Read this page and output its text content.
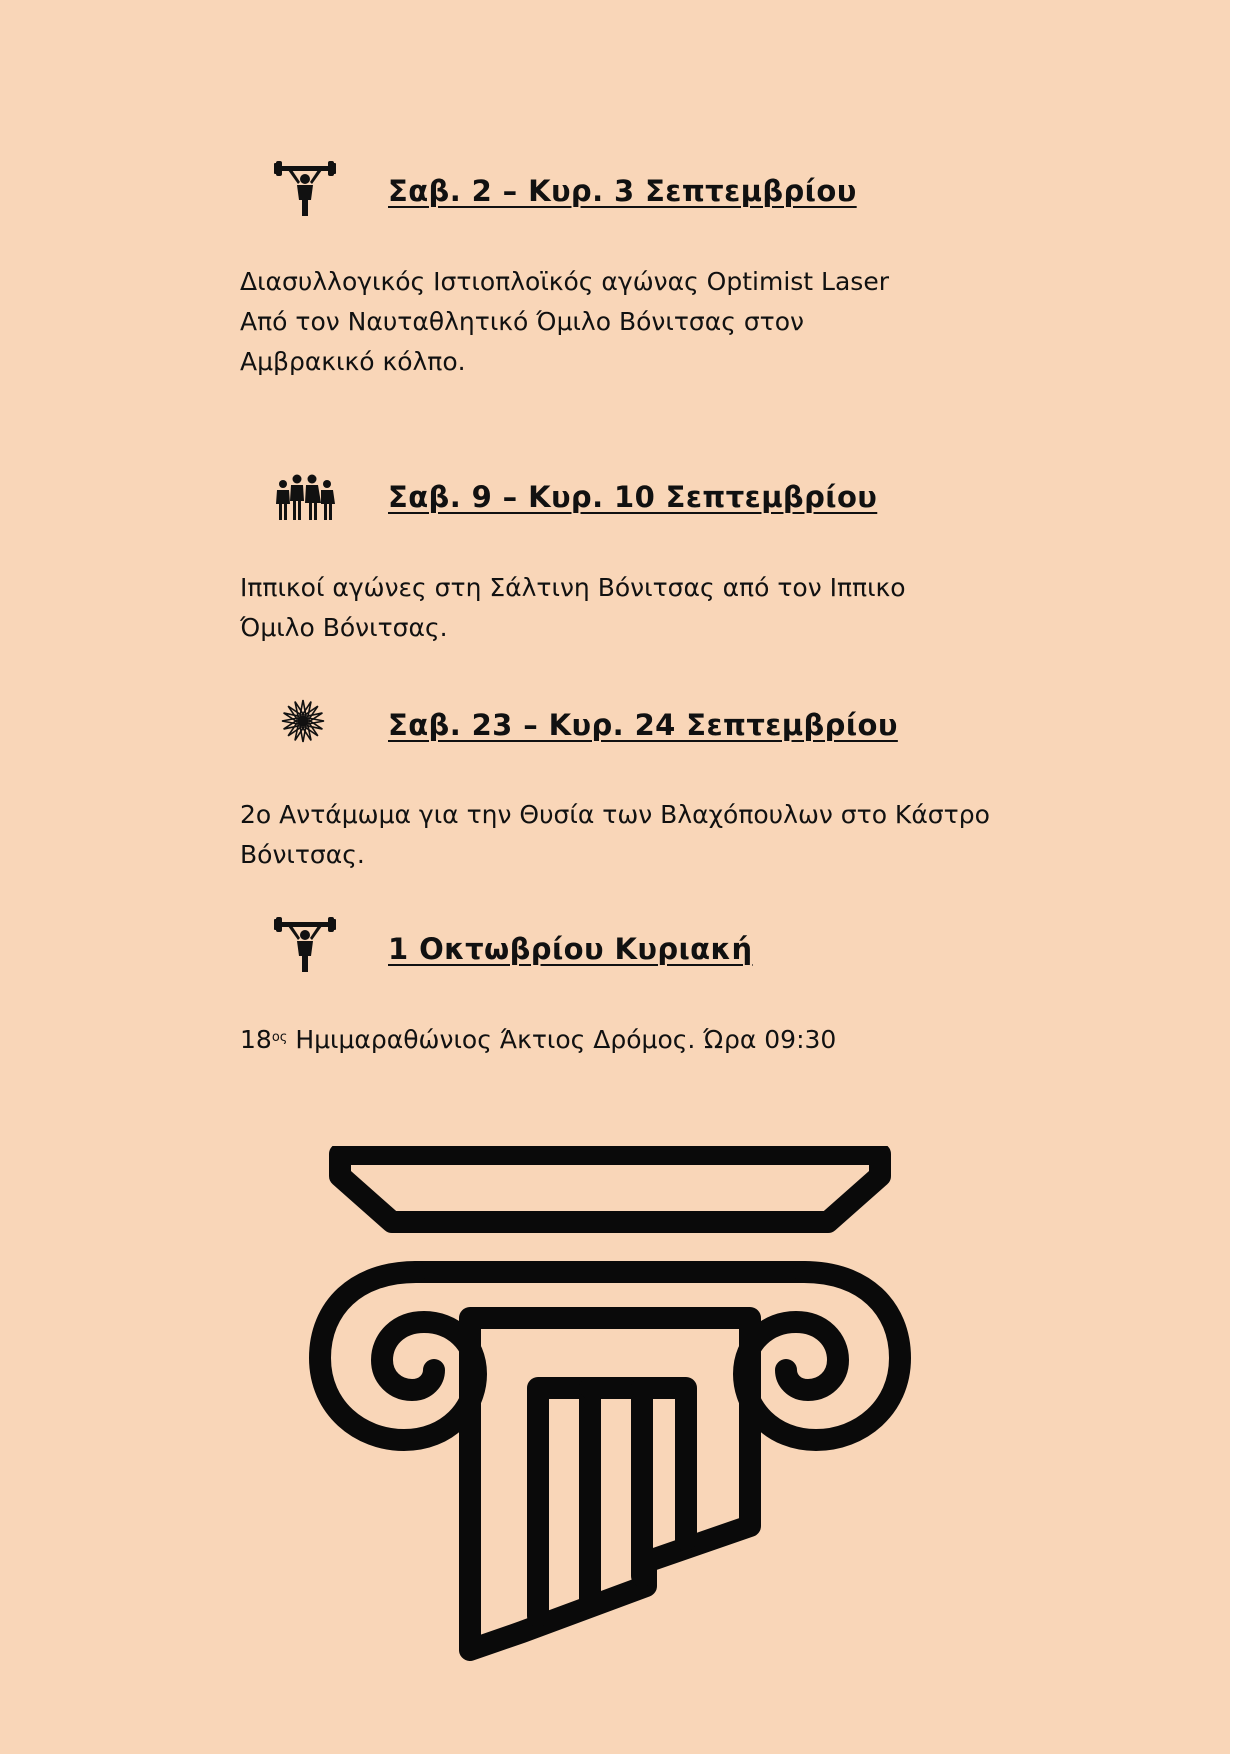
Σαβ. 2 – Κυρ. 3 Σεπτεμβρίου
Διασυλλογικός Ιστιοπλοϊκός αγώνας Optimist Laser
Από τον Ναυταθλητικό Όμιλο Βόνιτσας στον
Αμβρακικό κόλπο.
Σαβ. 9 – Κυρ. 10 Σεπτεμβρίου
Ιππικοί αγώνες στη Σάλτινη Βόνιτσας από τον Ιππικο
Όμιλο Βόνιτσας.
Σαβ. 23 – Κυρ. 24 Σεπτεμβρίου
2ο Αντάμωμα για την Θυσία των Βλαχόπουλων στο Κάστρο
Βόνιτσας.
1 Οκτωβρίου Κυριακή
$18^{o\varsigma}$ Ημιμαραθώνιος Άκτιος Δρόμος. Ώρα 09:30
